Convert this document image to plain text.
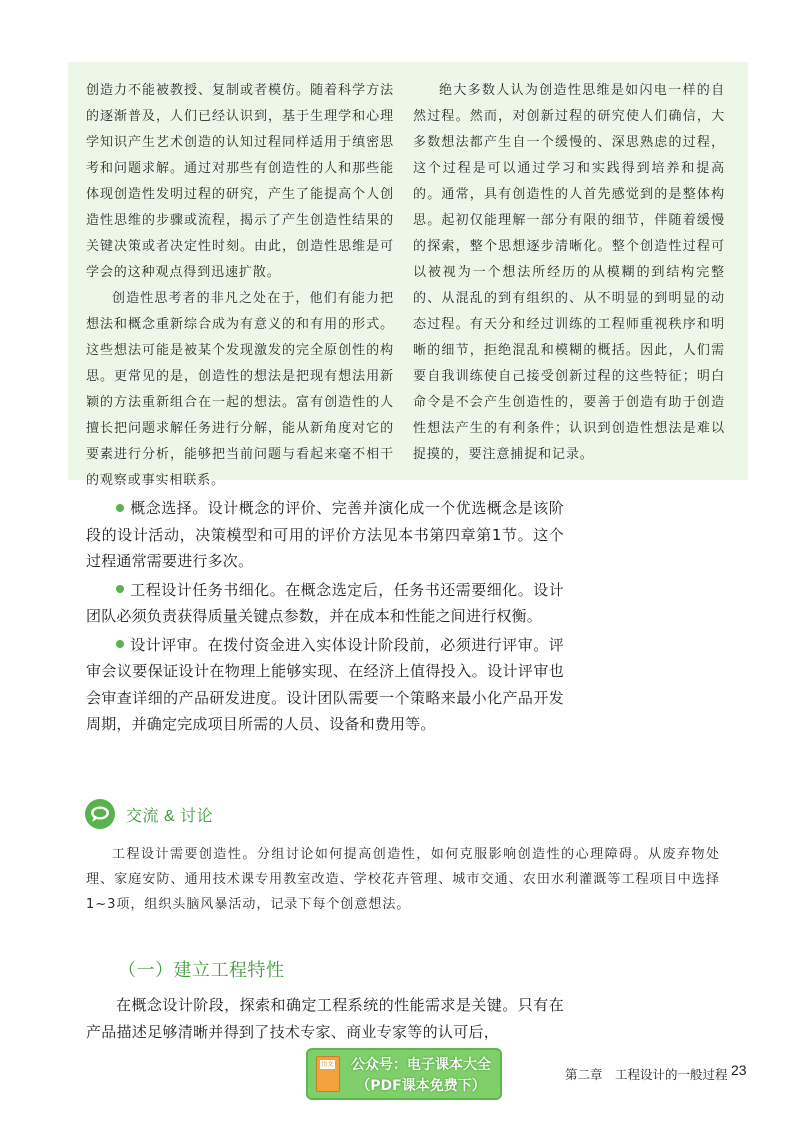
创造力不能被教授、复制或者模仿。随着科学方法的逐渐普及，人们已经认识到，基于生理学和心理学知识产生艺术创造的认知过程同样适用于缜密思考和问题求解。通过对那些有创造性的人和那些能体现创造性发明过程的研究，产生了能提高个人创造性思维的步骤或流程，揭示了产生创造性结果的关键决策或者决定性时刻。由此，创造性思维是可学会的这种观点得到迅速扩散。

创造性思考者的非凡之处在于，他们有能力把想法和概念重新综合成为有意义的和有用的形式。这些想法可能是被某个发现激发的完全原创性的构思。更常见的是，创造性的想法是把现有想法用新颖的方法重新组合在一起的想法。富有创造性的人擅长把问题求解任务进行分解，能从新角度对它的要素进行分析，能够把当前问题与看起来毫不相干的观察或事实相联系。

绝大多数人认为创造性思维是如闪电一样的自然过程。然而，对创新过程的研究使人们确信，大多数想法都产生自一个缓慢的、深思熟虑的过程，这个过程是可以通过学习和实践得到培养和提高的。通常，具有创造性的人首先感觉到的是整体构思。起初仅能理解一部分有限的细节，伴随着缓慢的探索，整个思想逐步清晰化。整个创造性过程可以被视为一个想法所经历的从模糊的到结构完整的、从混乱的到有组织的、从不明显的到明显的动态过程。有天分和经过训练的工程师重视秩序和明晰的细节，拒绝混乱和模糊的概括。因此，人们需要自我训练使自己接受创新过程的这些特征；明白命令是不会产生创造性的，要善于创造有助于创造性想法产生的有利条件；认识到创造性想法是难以捉摸的，要注意捕捉和记录。

概念选择。设计概念的评价、完善并演化成一个优选概念是该阶段的设计活动，决策模型和可用的评价方法见本书第四章第1节。这个过程通常需要进行多次。

工程设计任务书细化。在概念选定后，任务书还需要细化。设计团队必须负责获得质量关键点参数，并在成本和性能之间进行权衡。

设计评审。在拨付资金进入实体设计阶段前，必须进行评审。评审会议要保证设计在物理上能够实现、在经济上值得投入。设计评审也会审查详细的产品研发进度。设计团队需要一个策略来最小化产品开发周期，并确定完成项目所需的人员、设备和费用等。

交流 & 讨论

工程设计需要创造性。分组讨论如何提高创造性，如何克服影响创造性的心理障碍。从废弃物处理、家庭安防、通用技术课专用教室改造、学校花卉管理、城市交通、农田水利灌溉等工程项目中选择1~3项，组织头脑风暴活动，记录下每个创意想法。

（一）建立工程特性

在概念设计阶段，探索和确定工程系统的性能需求是关键。只有在产品描述足够清晰并得到了技术专家、商业专家等的认可后，

语文	公众号：电子课本大全
（PDF课本免费下）
第二章　工程设计的一般过程 23
